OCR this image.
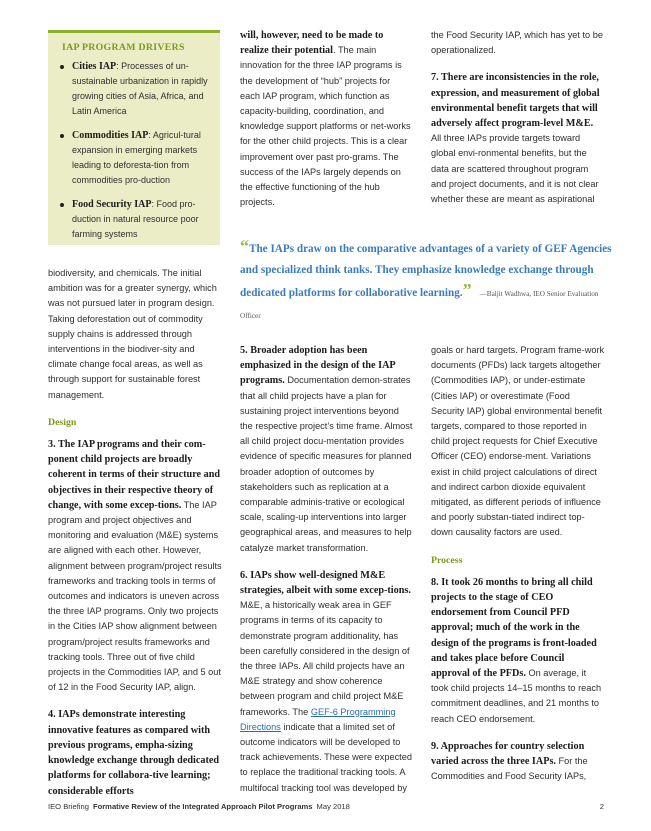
IAP PROGRAM DRIVERS
Cities IAP: Processes of un-sustainable urbanization in rapidly growing cities of Asia, Africa, and Latin America
Commodities IAP: Agricul-tural expansion in emerging markets leading to deforesta-tion from commodities pro-duction
Food Security IAP: Food pro-duction in natural resource poor farming systems

will, however, need to be made to realize their potential. The main innovation for the three IAP programs is the development of “hub” projects for each IAP program, which function as capacity-building, coordination, and knowledge support platforms or net-works for the other child projects. This is a clear improvement over past pro-grams. The success of the IAPs largely depends on the effective functioning of the hub projects.

the Food Security IAP, which has yet to be operationalized.

7. There are inconsistencies in the role, expression, and measurement of global environmental benefit targets that will adversely affect program-level M&E. All three IAPs provide targets toward global envi-ronmental benefits, but the data are scattered throughout program and project documents, and it is not clear whether these are meant as aspirational

“The IAPs draw on the comparative advantages of a variety of GEF Agencies and specialized think tanks. They emphasize knowledge exchange through dedicated platforms for collaborative learning.” —Baljit Wadhwa, IEO Senior Evaluation Officer

biodiversity, and chemicals. The initial ambition was for a greater synergy, which was not pursued later in program design. Taking deforestation out of commodity supply chains is addressed through interventions in the biodiver-sity and climate change focal areas, as well as through support for sustainable forest management.

Design

3. The IAP programs and their com-ponent child projects are broadly coherent in terms of their structure and objectives in their respective theory of change, with some excep-tions. The IAP program and project objectives and monitoring and evaluation (M&E) systems are aligned with each other. However, alignment between program/project results frameworks and tracking tools in terms of outcomes and indicators is uneven across the three IAP programs. Only two projects in the Cities IAP show alignment between program/project results frameworks and tracking tools. Three out of five child projects in the Commodities IAP, and 5 out of 12 in the Food Security IAP, align.

4. IAPs demonstrate interesting innovative features as compared with previous programs, empha-sizing knowledge exchange through dedicated platforms for collabora-tive learning; considerable efforts

5. Broader adoption has been emphasized in the design of the IAP programs. Documentation demon-strates that all child projects have a plan for sustaining project interventions beyond the respective project’s time frame. Almost all child project docu-mentation provides evidence of specific measures for planned broader adoption of outcomes by stakeholders such as replication at a comparable adminis-trative or ecological scale, scaling-up interventions into larger geographical areas, and measures to help catalyze market transformation.

6. IAPs show well-designed M&E strategies, albeit with some excep-tions. M&E, a historically weak area in GEF programs in terms of its capacity to demonstrate program additionality, has been carefully considered in the design of the three IAPs. All child projects have an M&E strategy and show coherence between program and child project M&E frameworks. The GEF-6 Programming Directions indicate that a limited set of outcome indicators will be developed to track achievements. These were expected to replace the traditional tracking tools. A multifocal tracking tool was developed by

goals or hard targets. Program frame-work documents (PFDs) lack targets altogether (Commodities IAP), or under-estimate (Cities IAP) or overestimate (Food Security IAP) global environmental benefit targets, compared to those reported in child project requests for Chief Executive Officer (CEO) endorse-ment. Variations exist in child project calculations of direct and indirect carbon dioxide equivalent mitigated, as different periods of influence and poorly substan-tiated indirect top-down causality factors are used.

Process

8. It took 26 months to bring all child projects to the stage of CEO endorsement from Council PFD approval; much of the work in the design of the programs is front-loaded and takes place before Council approval of the PFDs. On average, it took child projects 14–15 months to reach commitment deadlines, and 21 months to reach CEO endorsement.

9. Approaches for country selection varied across the three IAPs. For the Commodities and Food Security IAPs,

IEO Briefing Formative Review of the Integrated Approach Pilot Programs May 2018	2
